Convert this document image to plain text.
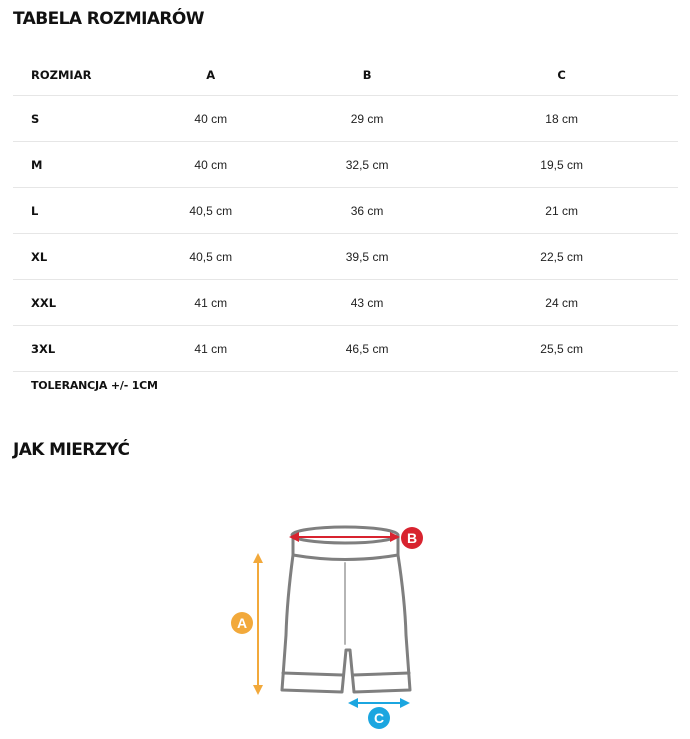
TABELA ROZMIARÓW
ROZMIAR	A	B	C
S	40 cm	29 cm	18 cm
M	40 cm	32,5 cm	19,5 cm
L	40,5 cm	36 cm	21 cm
XL	40,5 cm	39,5 cm	22,5 cm
XXL	41 cm	43 cm	24 cm
3XL	41 cm	46,5 cm	25,5 cm
TOLERANCJA +/- 1CM
JAK MIERZYĆ
A
B
C
